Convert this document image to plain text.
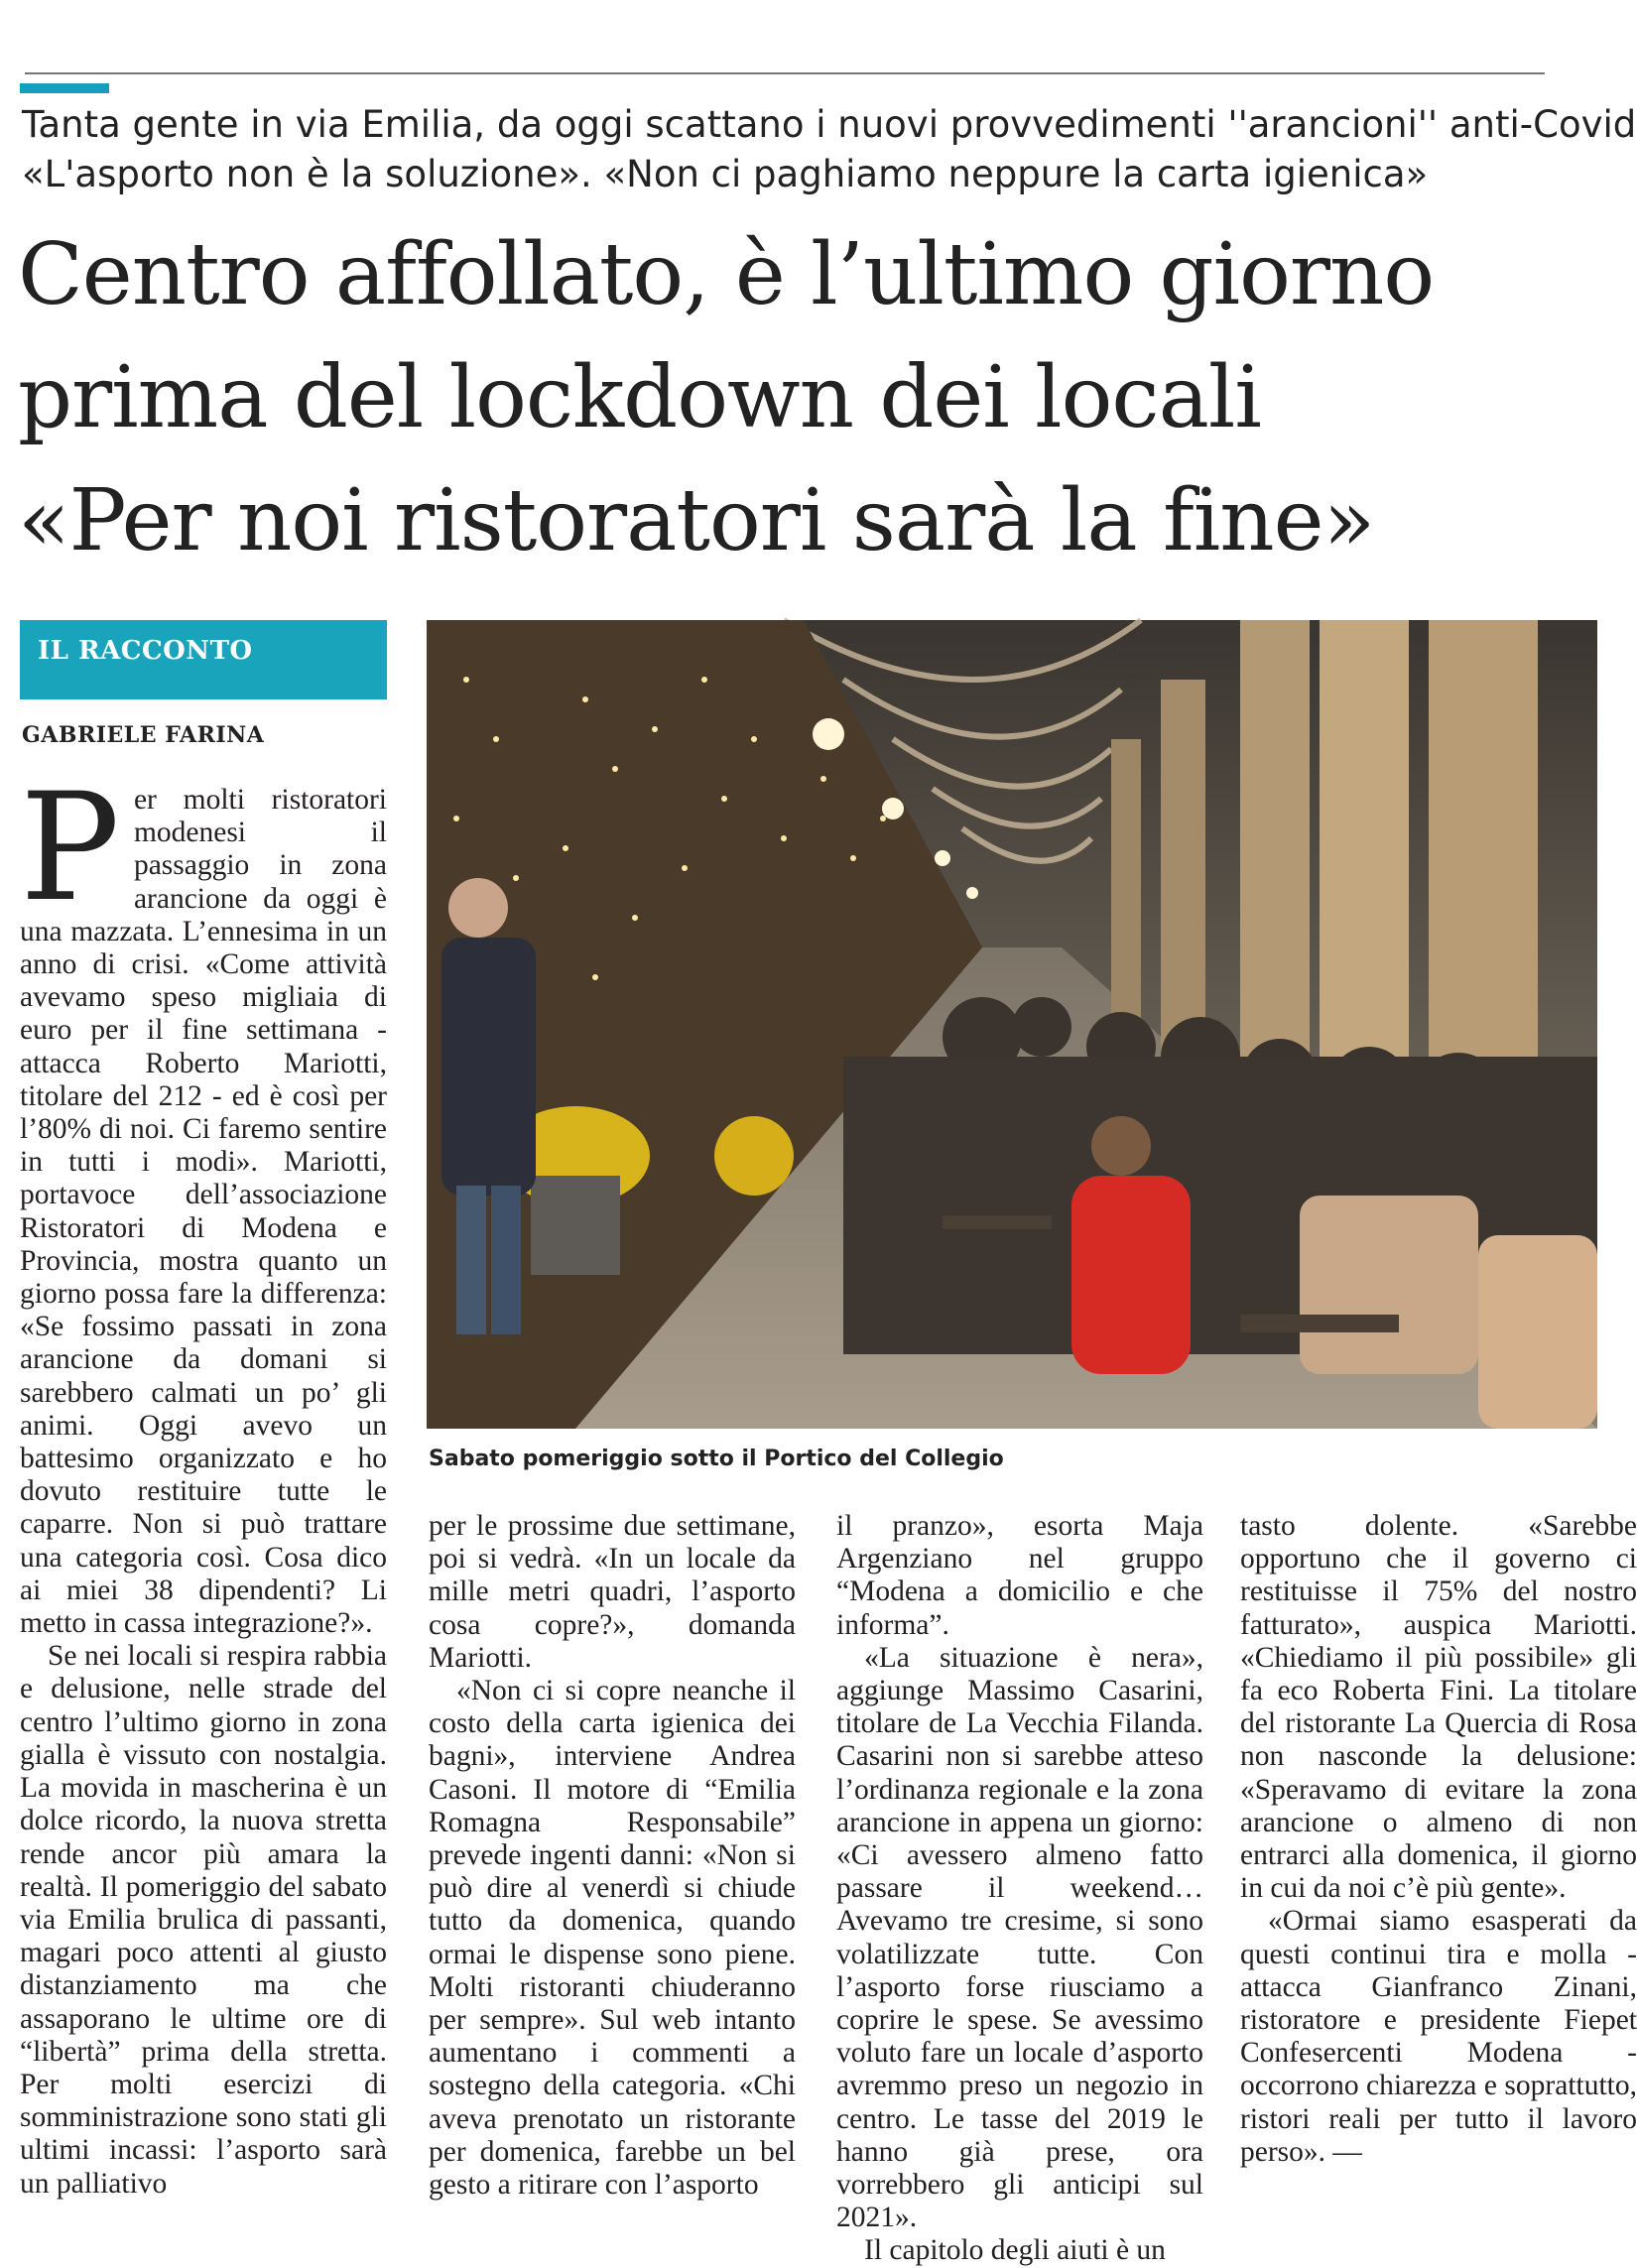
Tanta gente in via Emilia, da oggi scattano i nuovi provvedimenti ''arancioni'' anti-Covid
«L'asporto non è la soluzione». «Non ci paghiamo neppure la carta igienica»
Centro affollato, è l’ultimo giorno
prima del lockdown dei locali
«Per noi ristoratori sarà la fine»
IL RACCONTO
GABRIELE FARINA
Sabato pomeriggio sotto il Portico del Collegio

Per molti ristoratori modenesi il passaggio in zona arancione da oggi è una mazzata. L’ennesima in un anno di crisi. «Come attività avevamo speso migliaia di euro per il fine settimana - attacca Roberto Mariotti, titolare del 212 - ed è così per l’80% di noi. Ci faremo sentire in tutti i modi». Mariotti, portavoce dell’associazione Ristoratori di Modena e Provincia, mostra quanto un giorno possa fare la differenza: «Se fossimo passati in zona arancione da domani si sarebbero calmati un po’ gli animi. Oggi avevo un battesimo organizzato e ho dovuto restituire tutte le caparre. Non si può trattare una categoria così. Cosa dico ai miei 38 dipendenti? Li metto in cassa integrazione?».

Se nei locali si respira rabbia e delusione, nelle strade del centro l’ultimo giorno in zona gialla è vissuto con nostalgia. La movida in mascherina è un dolce ricordo, la nuova stretta rende ancor più amara la realtà. Il pomeriggio del sabato via Emilia brulica di passanti, magari poco attenti al giusto distanziamento ma che assaporano le ultime ore di “libertà” prima della stretta. Per molti esercizi di somministrazione sono stati gli ultimi incassi: l’asporto sarà un palliativo

per le prossime due settimane, poi si vedrà. «In un locale da mille metri quadri, l’asporto cosa copre?», domanda Mariotti.

«Non ci si copre neanche il costo della carta igienica dei bagni», interviene Andrea Casoni. Il motore di “Emilia Romagna Responsabile” prevede ingenti danni: «Non si può dire al venerdì si chiude tutto da domenica, quando ormai le dispense sono piene. Molti ristoranti chiuderanno per sempre». Sul web intanto aumentano i commenti a sostegno della categoria. «Chi aveva prenotato un ristorante per domenica, farebbe un bel gesto a ritirare con l’asporto

il pranzo», esorta Maja Argenziano nel gruppo “Modena a domicilio e che informa”.

«La situazione è nera», aggiunge Massimo Casarini, titolare de La Vecchia Filanda. Casarini non si sarebbe atteso l’ordinanza regionale e la zona arancione in appena un giorno: «Ci avessero almeno fatto passare il weekend… Avevamo tre cresime, si sono volatilizzate tutte. Con l’asporto forse riusciamo a coprire le spese. Se avessimo voluto fare un locale d’asporto avremmo preso un negozio in centro. Le tasse del 2019 le hanno già prese, ora vorrebbero gli anticipi sul 2021».

Il capitolo degli aiuti è un

tasto dolente. «Sarebbe opportuno che il governo ci restituisse il 75% del nostro fatturato», auspica Mariotti. «Chiediamo il più possibile» gli fa eco Roberta Fini. La titolare del ristorante La Quercia di Rosa non nasconde la delusione: «Speravamo di evitare la zona arancione o almeno di non entrarci alla domenica, il giorno in cui da noi c’è più gente».

«Ormai siamo esasperati da questi continui tira e molla - attacca Gianfranco Zinani, ristoratore e presidente Fiepet Confesercenti Modena - occorrono chiarezza e soprattutto, ristori reali per tutto il lavoro perso». —
